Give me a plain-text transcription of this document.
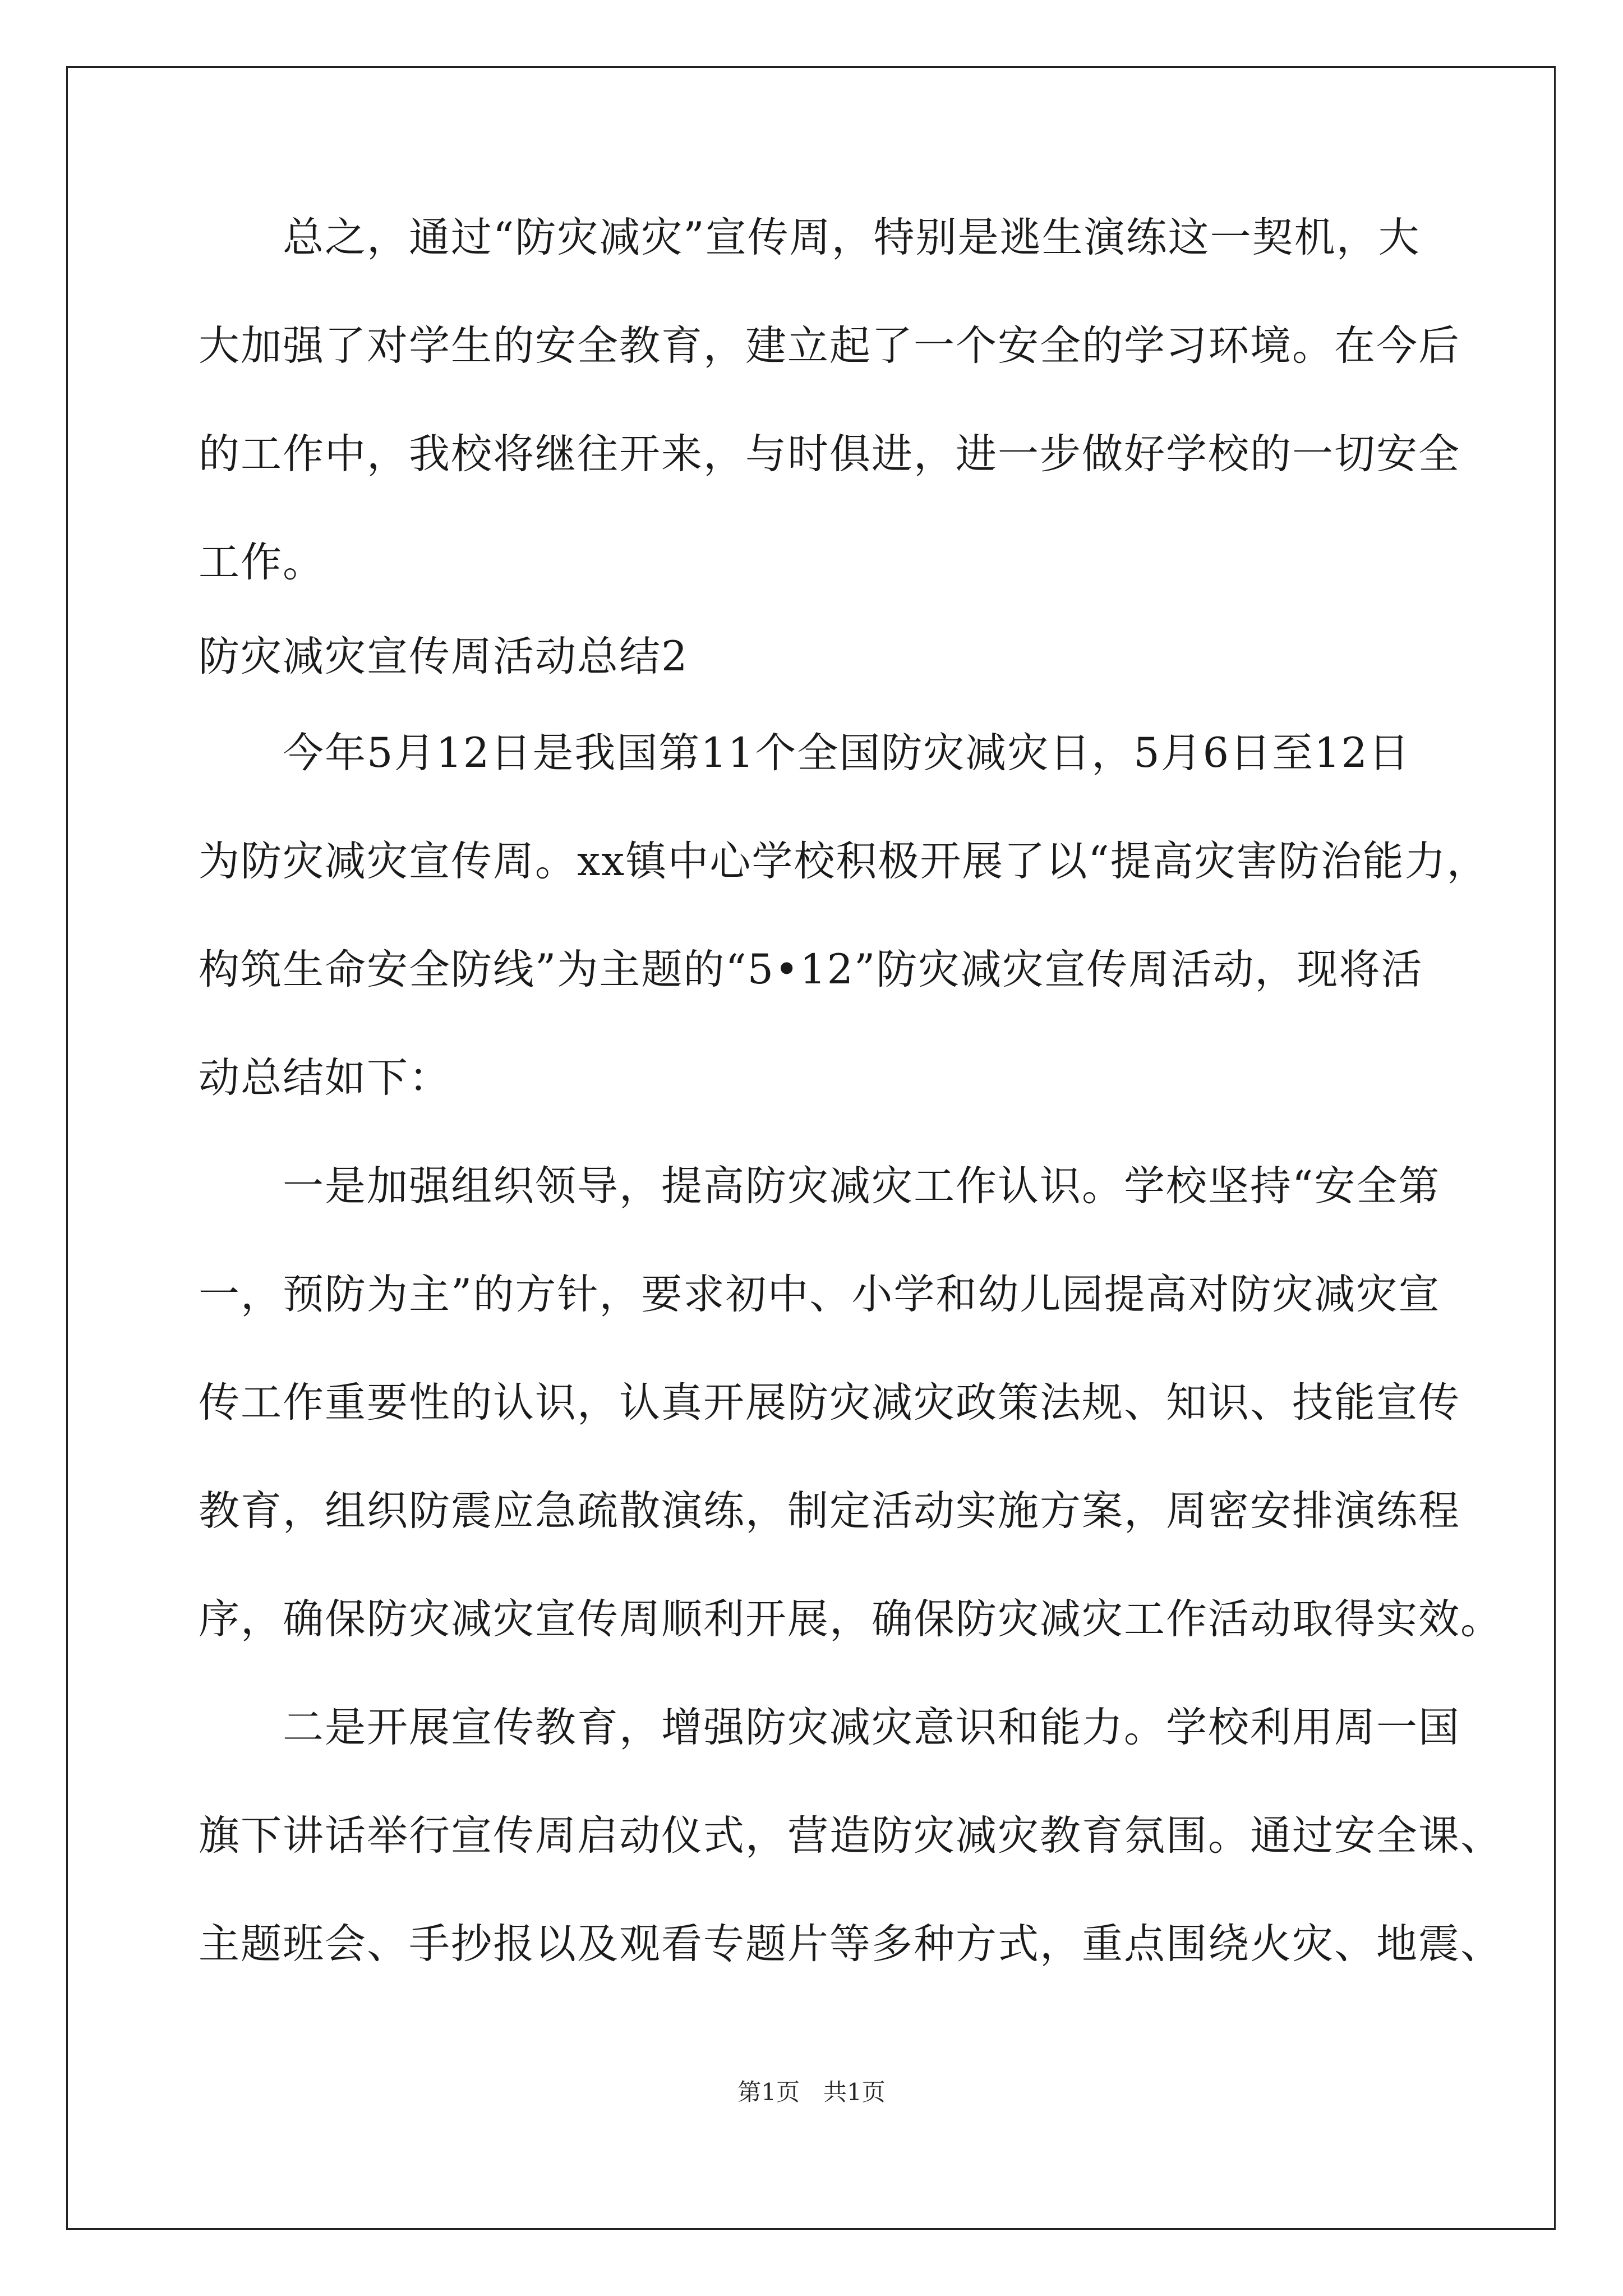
　　总之，通过“防灾减灾”宣传周，特别是逃生演练这一契机，大
大加强了对学生的安全教育，建立起了一个安全的学习环境。在今后
的工作中，我校将继往开来，与时俱进，进一步做好学校的一切安全
工作。
防灾减灾宣传周活动总结2
　　今年5月12日是我国第11个全国防灾减灾日，5月6日至12日
为防灾减灾宣传周。xx镇中心学校积极开展了以“提高灾害防治能力，
构筑生命安全防线”为主题的“5•12”防灾减灾宣传周活动，现将活
动总结如下：
　　一是加强组织领导，提高防灾减灾工作认识。学校坚持“安全第
一，预防为主”的方针，要求初中、小学和幼儿园提高对防灾减灾宣
传工作重要性的认识，认真开展防灾减灾政策法规、知识、技能宣传
教育，组织防震应急疏散演练，制定活动实施方案，周密安排演练程
序，确保防灾减灾宣传周顺利开展，确保防灾减灾工作活动取得实效。
　　二是开展宣传教育，增强防灾减灾意识和能力。学校利用周一国
旗下讲话举行宣传周启动仪式，营造防灾减灾教育氛围。通过安全课、
主题班会、手抄报以及观看专题片等多种方式，重点围绕火灾、地震、
第1页　共1页
